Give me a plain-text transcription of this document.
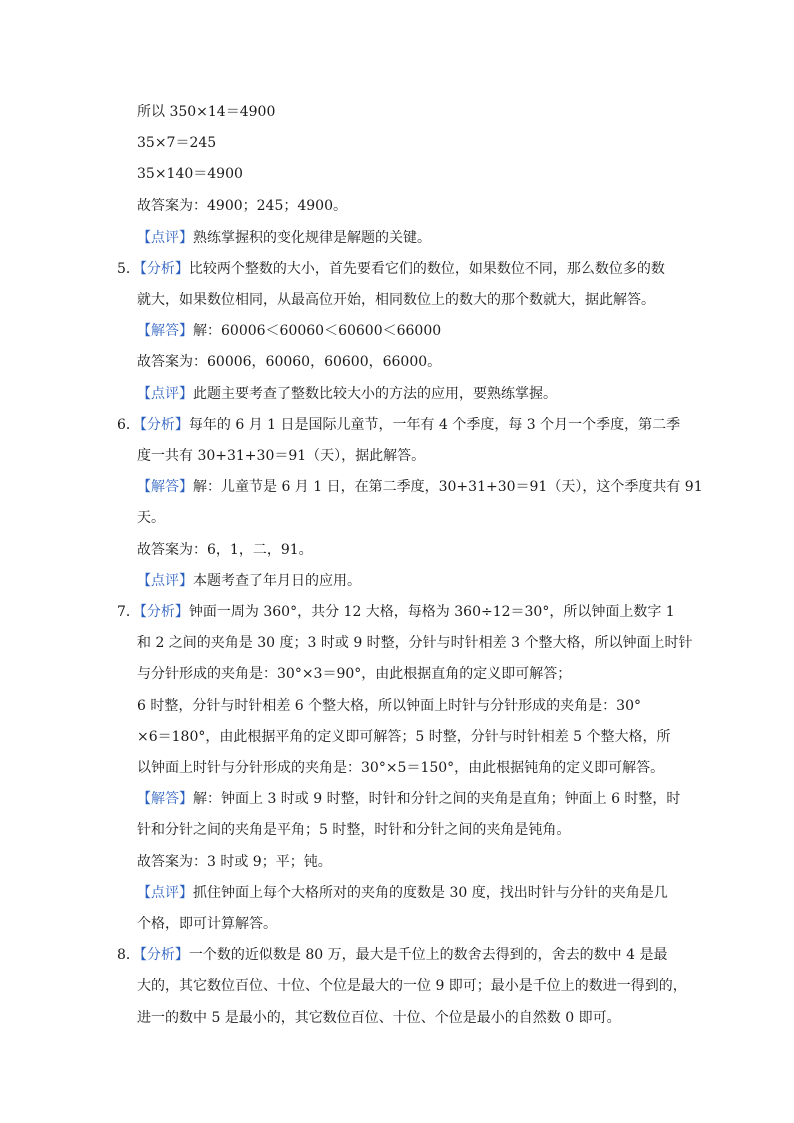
所以 350×14＝4900
35×7＝245
35×140＝4900
故答案为：4900；245；4900。
【点评】熟练掌握积的变化规律是解题的关键。
5．【分析】比较两个整数的大小，首先要看它们的数位，如果数位不同，那么数位多的数
就大，如果数位相同，从最高位开始，相同数位上的数大的那个数就大，据此解答。
【解答】解：60006＜60060＜60600＜66000
故答案为：60006，60060，60600，66000。
【点评】此题主要考查了整数比较大小的方法的应用，要熟练掌握。
6．【分析】每年的 6 月 1 日是国际儿童节，一年有 4 个季度，每 3 个月一个季度，第二季
度一共有 30+31+30＝91（天），据此解答。
【解答】解：儿童节是 6 月 1 日，在第二季度，30+31+30＝91（天），这个季度共有 91
天。
故答案为：6，1，二，91。
【点评】本题考查了年月日的应用。
7．【分析】钟面一周为 360°，共分 12 大格，每格为 360÷12＝30°，所以钟面上数字 1
和 2 之间的夹角是 30 度；3 时或 9 时整，分针与时针相差 3 个整大格，所以钟面上时针
与分针形成的夹角是：30°×3＝90°，由此根据直角的定义即可解答；
6 时整，分针与时针相差 6 个整大格，所以钟面上时针与分针形成的夹角是：30°
×6＝180°，由此根据平角的定义即可解答；5 时整，分针与时针相差 5 个整大格，所
以钟面上时针与分针形成的夹角是：30°×5＝150°，由此根据钝角的定义即可解答。
【解答】解：钟面上 3 时或 9 时整，时针和分针之间的夹角是直角；钟面上 6 时整，时
针和分针之间的夹角是平角；5 时整，时针和分针之间的夹角是钝角。
故答案为：3 时或 9；平；钝。
【点评】抓住钟面上每个大格所对的夹角的度数是 30 度，找出时针与分针的夹角是几
个格，即可计算解答。
8．【分析】一个数的近似数是 80 万，最大是千位上的数舍去得到的，舍去的数中 4 是最
大的，其它数位百位、十位、个位是最大的一位 9 即可；最小是千位上的数进一得到的，
进一的数中 5 是最小的，其它数位百位、十位、个位是最小的自然数 0 即可。
